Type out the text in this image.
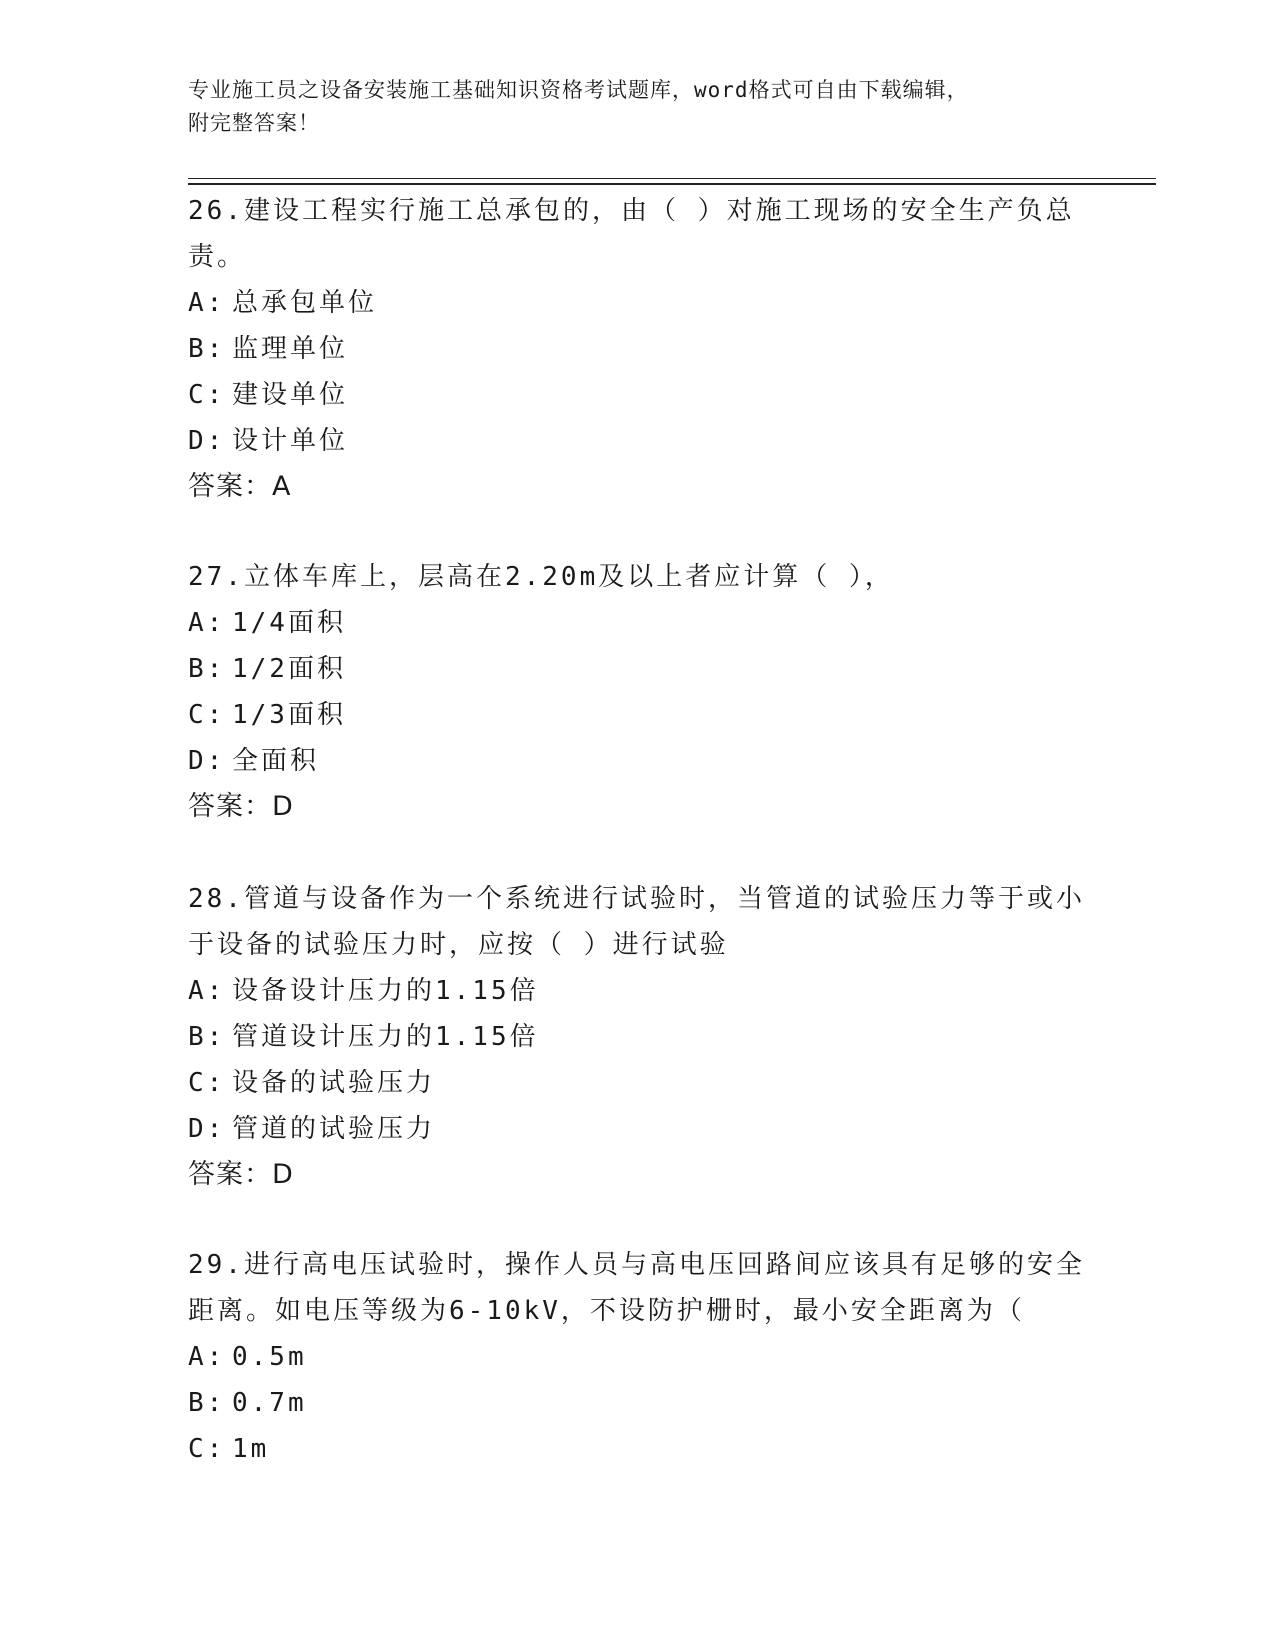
专业施工员之设备安装施工基础知识资格考试题库，word格式可自由下载编辑，
附完整答案！
26.建设工程实行施工总承包的，由（ ）对施工现场的安全生产负总
责。
A: 总承包单位
B: 监理单位
C: 建设单位
D: 设计单位
答案：A
27.立体车库上，层高在2.20m及以上者应计算（ ），
A: 1/4面积
B: 1/2面积
C: 1/3面积
D: 全面积
答案：D
28.管道与设备作为一个系统进行试验时，当管道的试验压力等于或小
于设备的试验压力时，应按（ ）进行试验
A: 设备设计压力的1.15倍
B: 管道设计压力的1.15倍
C: 设备的试验压力
D: 管道的试验压力
答案：D
29.进行高电压试验时，操作人员与高电压回路间应该具有足够的安全
距离。如电压等级为6-10kV，不设防护栅时，最小安全距离为（
A: 0.5m
B: 0.7m
C: 1m
